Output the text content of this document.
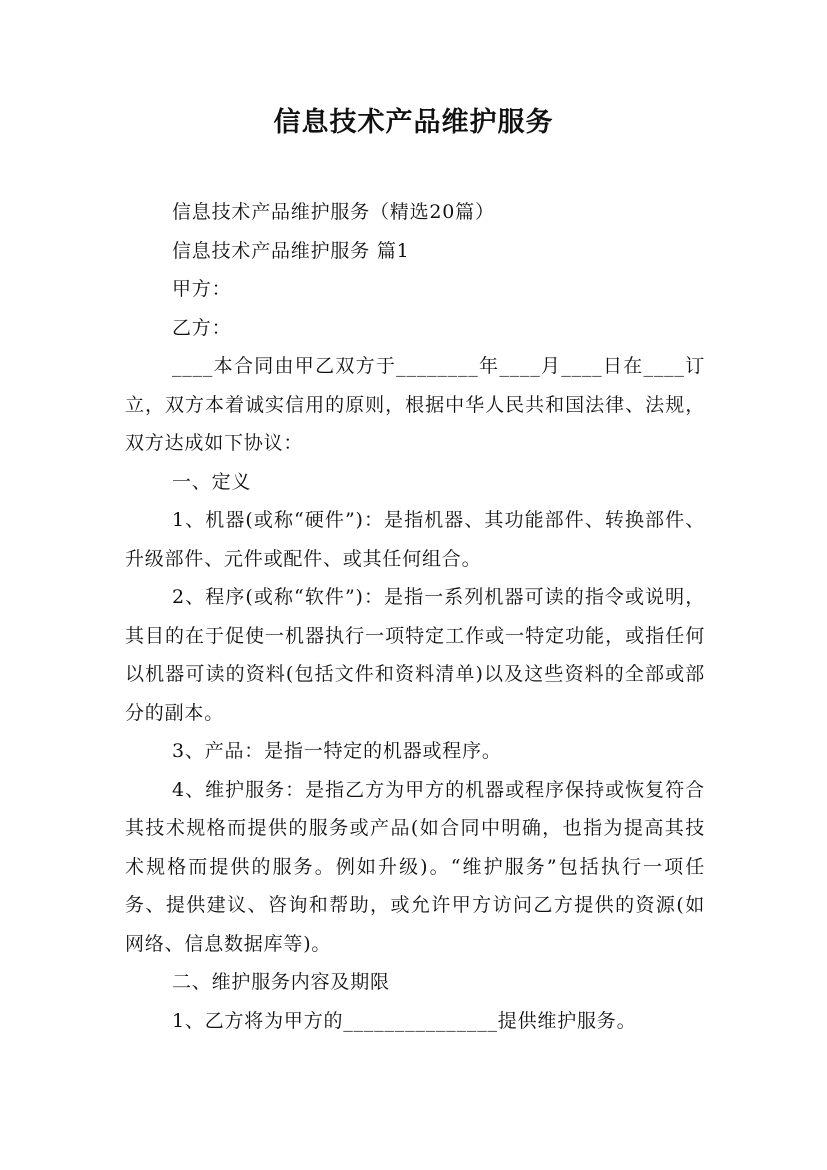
信息技术产品维护服务

信息技术产品维护服务（精选20篇）

信息技术产品维护服务 篇1

甲方：

乙方：

____本合同由甲乙双方于________年____月____日在____订立，双方本着诚实信用的原则，根据中华人民共和国法律、法规，双方达成如下协议：

一、定义

1、机器(或称“硬件”)：是指机器、其功能部件、转换部件、升级部件、元件或配件、或其任何组合。

2、程序(或称“软件”)：是指一系列机器可读的指令或说明，其目的在于促使一机器执行一项特定工作或一特定功能，或指任何以机器可读的资料(包括文件和资料清单)以及这些资料的全部或部分的副本。

3、产品：是指一特定的机器或程序。

4、维护服务：是指乙方为甲方的机器或程序保持或恢复符合其技术规格而提供的服务或产品(如合同中明确，也指为提高其技术规格而提供的服务。例如升级)。“维护服务”包括执行一项任务、提供建议、咨询和帮助，或允许甲方访问乙方提供的资源(如网络、信息数据库等)。

二、维护服务内容及期限

1、乙方将为甲方的_______________提供维护服务。
